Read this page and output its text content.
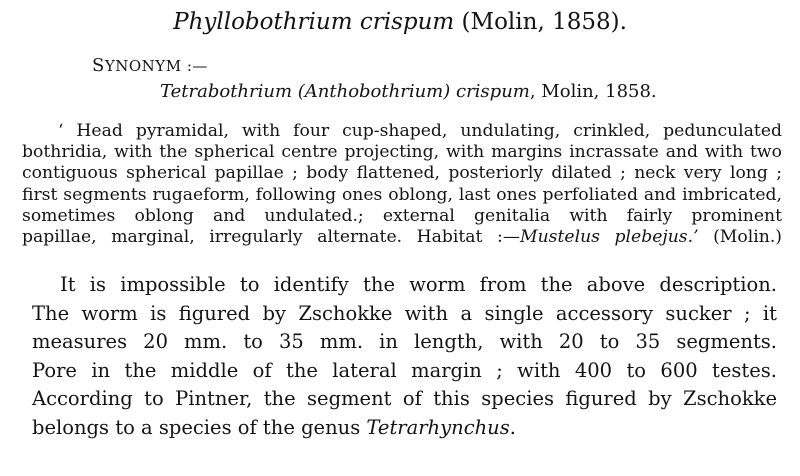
Phyllobothrium crispum (Molin, 1858).
SYNONYM :—
Tetrabothrium (Anthobothrium) crispum, Molin, 1858.
‘ Head pyramidal, with four cup-shaped, undulating, crinkled, pedunculated
bothridia, with the spherical centre projecting, with margins incrassate and with two
contiguous spherical papillae ; body flattened, posteriorly dilated ; neck very long ;
first segments rugaeform, following ones oblong, last ones perfoliated and imbricated,
sometimes oblong and undulated.; external genitalia with fairly prominent
papillae, marginal, irregularly alternate. Habitat :—Mustelus plebejus.’ (Molin.)
It is impossible to identify the worm from the above description.
The worm is figured by Zschokke with a single accessory sucker ; it
measures 20 mm. to 35 mm. in length, with 20 to 35 segments.
Pore in the middle of the lateral margin ; with 400 to 600 testes.
According to Pintner, the segment of this species figured by Zschokke
belongs to a species of the genus Tetrarhynchus.
